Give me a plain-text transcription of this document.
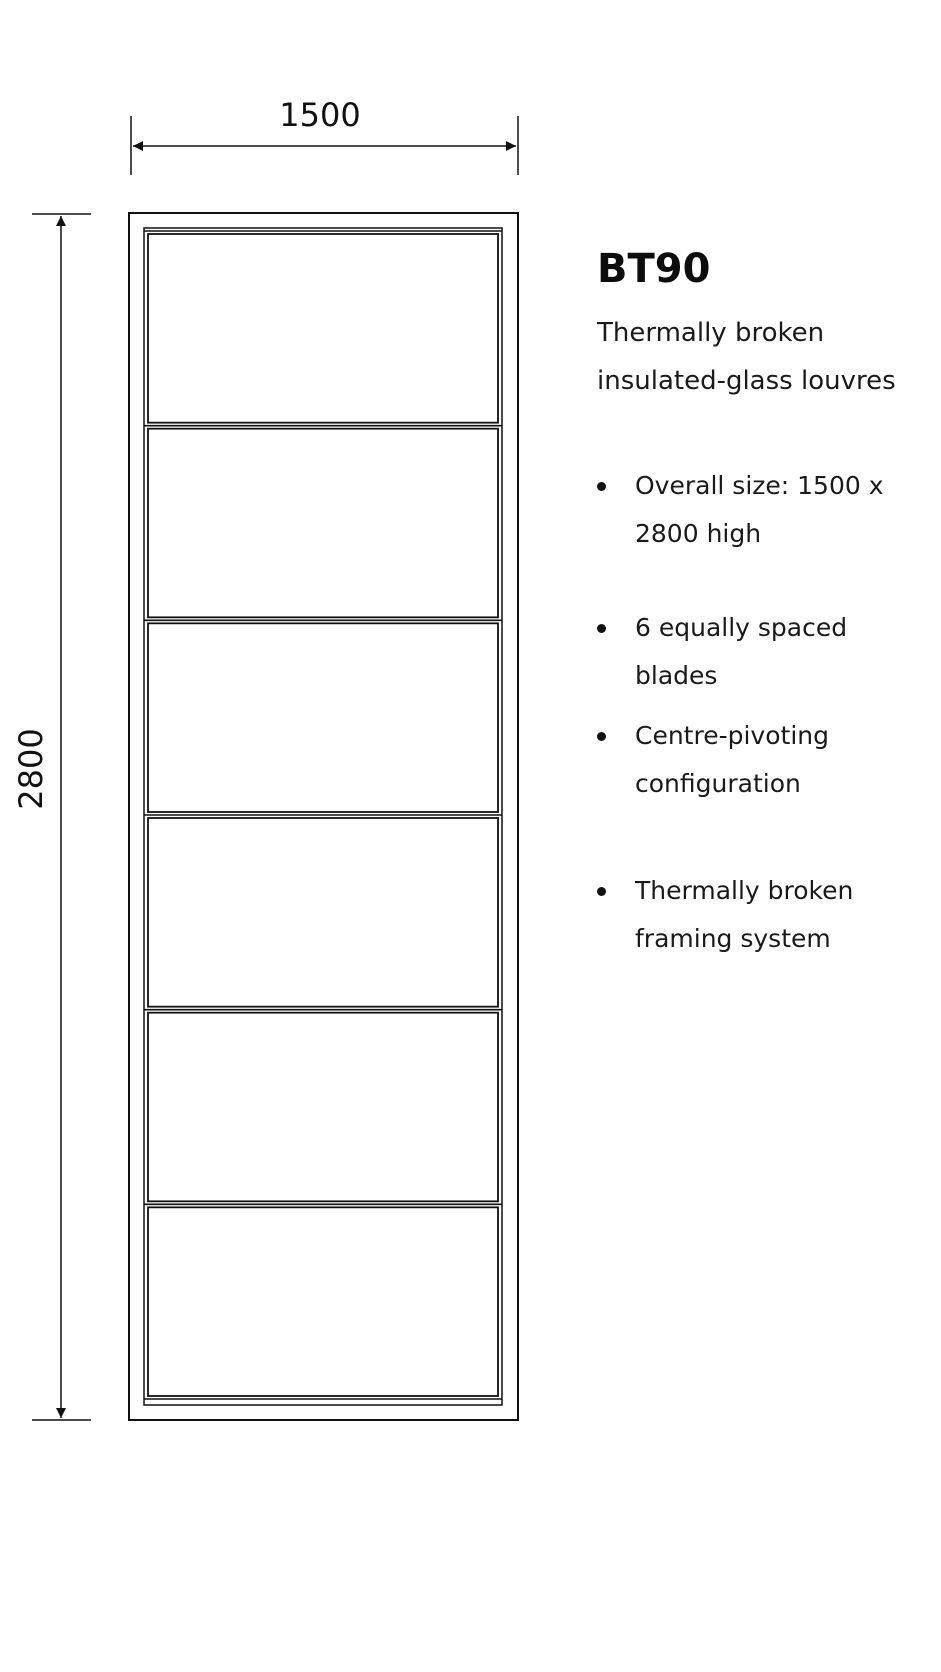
1500
2800
BT90

Thermally broken insulated-glass louvres

Overall size: 1500 x 2800 high
6 equally spaced blades
Centre-pivoting configuration
Thermally broken framing system
